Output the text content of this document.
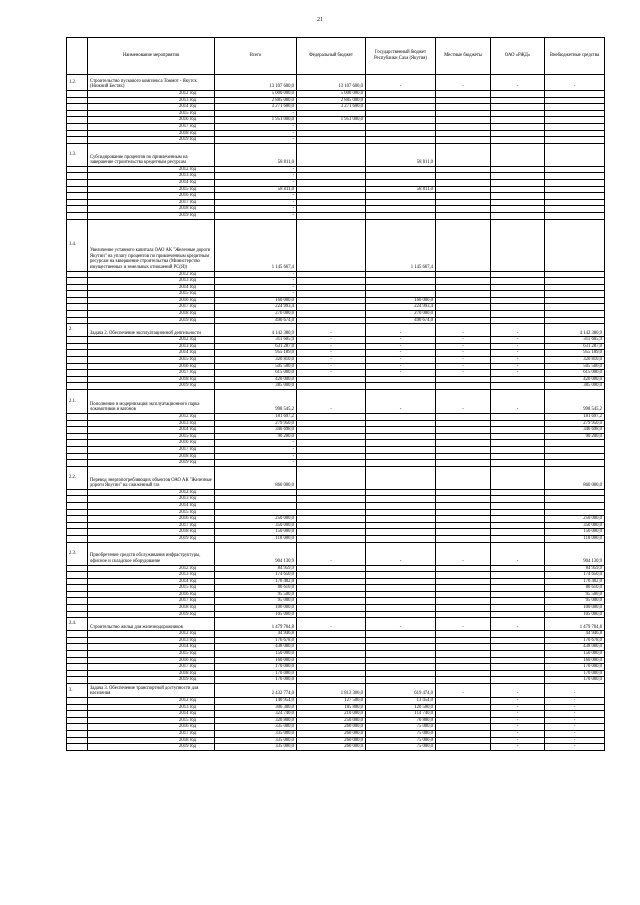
21
	Наименование мероприятия	Всего	Федеральный бюджет	Государственный бюджет Республики Саха (Якутия)	Местные бюджеты	ОАО «РЖД»	Внебюджетные средства
1.2.	Строительство пускового комплекса Томмот - Якутск (Нижний Бестях)	13 107 600,0	13 107 600,0	-	-	-	-
	2012 год	5 000 000,0	5 000 000,0				
	2013 год	2 885 000,0	2 885 000,0				
	2014 год	3 271 600,0	3 271 600,0				
	2015 год	-					
	2016 год	1 951 000,0	1 951 000,0				
	2017 год	-					
	2018 год	-					
	2019 год	-					
1.3.	Субсидирование процентов по привлеченным на завершение строительства кредитным ресурсам	58 811,0		58 811,0			
	2012 год	-					
	2013 год	-					
	2014 год	-					
	2015 год	58 811,0		58 811,0			
	2016 год	-					
	2017 год	-					
	2018 год	-					
	2019 год	-					
1.4.	Увеличение уставного капитала ОАО АК "Железные дороги Якутии" на уплату процентов по привлеченным кредитным ресурсам на завершение строительства (Министерство имущественных и земельных отношений РС(Я))	1 145 667,4		1 145 667,4			
	2012 год	-					
	2013 год	-					
	2014 год	-					
	2015 год	-					
	2016 год	160 000,0		160 000,0			
	2017 год	224 993,4		224 993,4			
	2018 год	270 000,0		270 000,0			
	2019 год	490 674,0		490 674,0			
2.	Задача 2. Обеспечение эксплуатационной деятельности	4 142 380,9	-	-	-	-	4 142 380,9
	2012 год	311 605,9	-	-	-	-	311 605,9
	2013 год	631 287,0	-	-	-	-	631 287,0
	2014 год	955 189,0	-	-	-	-	955 189,0
	2015 год	320 810,0	-	-	-	-	320 810,0
	2016 год	505 500,0	-	-	-	-	505 500,0
	2017 год	615 000,0	-	-	-	-	615 000,0
	2018 год	420 000,0					420 000,0
	2019 год	385 000,0					385 000,0
2.1.	Пополнение и модернизация эксплуатационного парка локомотивов и вагонов	998 545,2	-	-	-	-	998 545,2
	2012 год	181 697,2					181 697,2
	2013 год	279 950,0					279 950,0
	2014 год	346 698,0					346 698,0
	2015 год	90 200,0					90 200,0
	2016 год	-					
	2017 год	-					
	2018 год	-					
	2019 год	-					
2.2.	Перевод энергопотребляющих объектов ОАО АК "Железные дороги Якутии" на сжиженный газ	860 000,0					860 000,0
	2012 год						
	2013 год						
	2014 год						
	2015 год						
	2016 год	250 000,0					250 000,0
	2017 год	350 000,0					350 000,0
	2018 год	150 000,0					150 000,0
	2019 год	110 000,0					110 000,0
2.3.	Приобретение средств обслуживания инфраструктуры, офисное и складское оборудование	904 130,9	-	-	-	-	904 130,9
	2012 год	84 959,9					84 959,9
	2013 год	174 650,0					174 650,0
	2014 год	170 402,0					170 402,0
	2015 год	80 610,0					80 610,0
	2016 год	95 500,0					95 500,0
	2017 год	95 000,0					95 000,0
	2018 год	100 000,0					100 000,0
	2019 год	105 000,0					105 000,0
2.4.	Строительство жилья для железнодорожников	1 479 704,8	-	-	-	-	1 479 704,8
	2012 год	44 946,8					44 946,8
	2013 год	176 678,0					176 678,0
	2014 год	438 080,0					438 080,0
	2015 год	150 000,0					150 000,0
	2016 год	160 000,0					160 000,0
	2017 год	170 000,0					170 000,0
	2018 год	170 000,0					170 000,0
	2019 год	170 000,0					170 000,0
3.	Задача 3. Обеспечение транспортной доступности для населения	2 432 774,0	1 813 300,0	619 474,0	-	-	-
	2012 год	140 954,0	127 500,0	13 454,0		-	-
	2013 год	306 300,0	185 800,0	120 500,0		-	-
	2014 год	324 740,0	210 000,0	114 740,0		-	-
	2015 год	320 800,0	250 000,0	70 800,0		-	-
	2016 год	335 000,0	260 000,0	75 000,0		-	-
	2017 год	335 000,0	260 000,0	75 000,0		-	-
	2018 год	335 000,0	260 000,0	75 000,0		-	-
	2019 год	335 000,0	260 000,0	75 000,0		-	-
